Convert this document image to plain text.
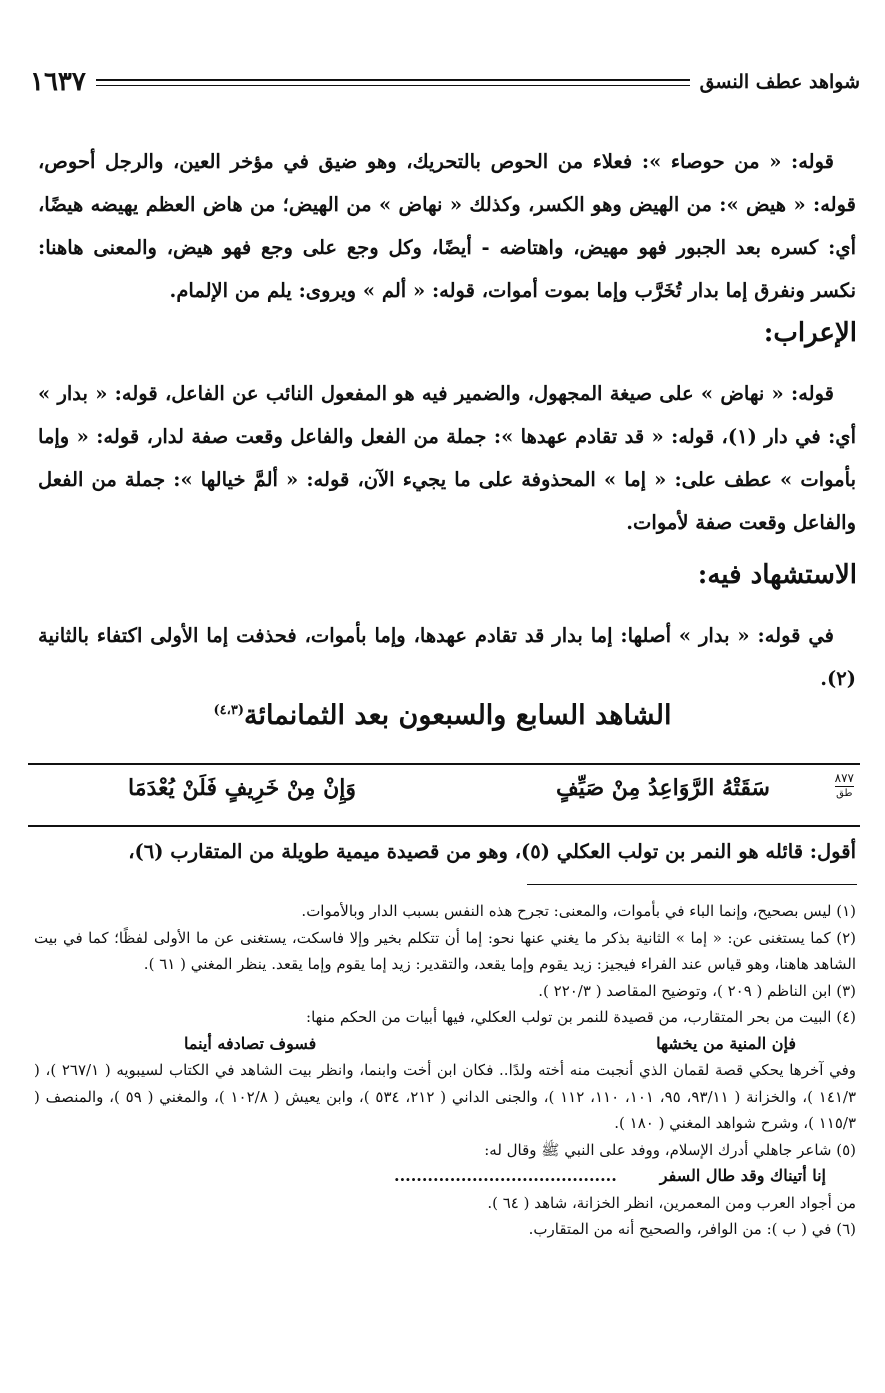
شواهد عطف النسق
١٦٣٧

قوله: « من حوصاء »: فعلاء من الحوص بالتحريك، وهو ضيق في مؤخر العين، والرجل أحوص، قوله: « هيض »: من الهيض وهو الكسر، وكذلك « نهاض » من الهيض؛ من هاض العظم يهيضه هيضًا، أي: كسره بعد الجبور فهو مهيض، واهتاضه - أيضًا، وكل وجع على وجع فهو هيض، والمعنى هاهنا: نكسر ونفرق إما بدار تُخَرَّب وإما بموت أموات، قوله: « ألم » ويروى: يلم من الإلمام.

الإعراب:

قوله: « نهاض » على صيغة المجهول، والضمير فيه هو المفعول النائب عن الفاعل، قوله: « بدار » أي: في دار (١)، قوله: « قد تقادم عهدها »: جملة من الفعل والفاعل وقعت صفة لدار، قوله: « وإما بأموات » عطف على: « إما » المحذوفة على ما يجيء الآن، قوله: « ألمَّ خيالها »: جملة من الفعل والفاعل وقعت صفة لأموات.

الاستشهاد فيه:

في قوله: « بدار » أصلها: إما بدار قد تقادم عهدها، وإما بأموات، فحذفت إما الأولى اكتفاء بالثانية (٢).

الشاهد السابع والسبعون بعد الثمانمائة$^{(٤،٣)}$
٨٧٧
طق
سَقَتْهُ الرَّوَاعِدُ مِنْ صَيِّفٍ
وَإِنْ مِنْ خَرِيفٍ فَلَنْ يُعْدَمَا

أقول: قائله هو النمر بن تولب العكلي (٥)، وهو من قصيدة ميمية طويلة من المتقارب (٦)،

(١) ليس بصحيح، وإنما الباء في بأموات، والمعنى: تجرح هذه النفس بسبب الدار وبالأموات.

(٢) كما يستغنى عن: « إما » الثانية بذكر ما يغني عنها نحو: إما أن تتكلم بخير وإلا فاسكت، يستغنى عن ما الأولى لفظًا؛ كما في بيت الشاهد هاهنا، وهو قياس عند الفراء فيجيز: زيد يقوم وإما يقعد، والتقدير: زيد إما يقوم وإما يقعد. ينظر المغني ( ٦١ ).

(٣) ابن الناظم ( ٢٠٩ )، وتوضيح المقاصد ( ٢٢٠/٣ ).

(٤) البيت من بحر المتقارب، من قصيدة للنمر بن تولب العكلي، فيها أبيات من الحكم منها:

فإن المنية من يخشها
فسوف تصادفه أينما

وفي آخرها يحكي قصة لقمان الذي أنجبت منه أخته ولدًا.. فكان ابن أخت وابنما، وانظر بيت الشاهد في الكتاب لسيبويه ( ٢٦٧/١ )، ( ١٤١/٣ )، والخزانة ( ٩٣/١١، ٩٥، ١٠١، ١١٠، ١١٢ )، والجنى الداني ( ٢١٢، ٥٣٤ )، وابن يعيش ( ١٠٢/٨ )، والمغني ( ٥٩ )، والمنصف ( ١١٥/٣ )، وشرح شواهد المغني ( ١٨٠ ).

(٥) شاعر جاهلي أدرك الإسلام، ووفد على النبي ﷺ وقال له:

إنا أتيناك وقد طال السفر
........................................

من أجواد العرب ومن المعمرين، انظر الخزانة، شاهد ( ٦٤ ).

(٦) في ( ب ): من الوافر، والصحيح أنه من المتقارب.
